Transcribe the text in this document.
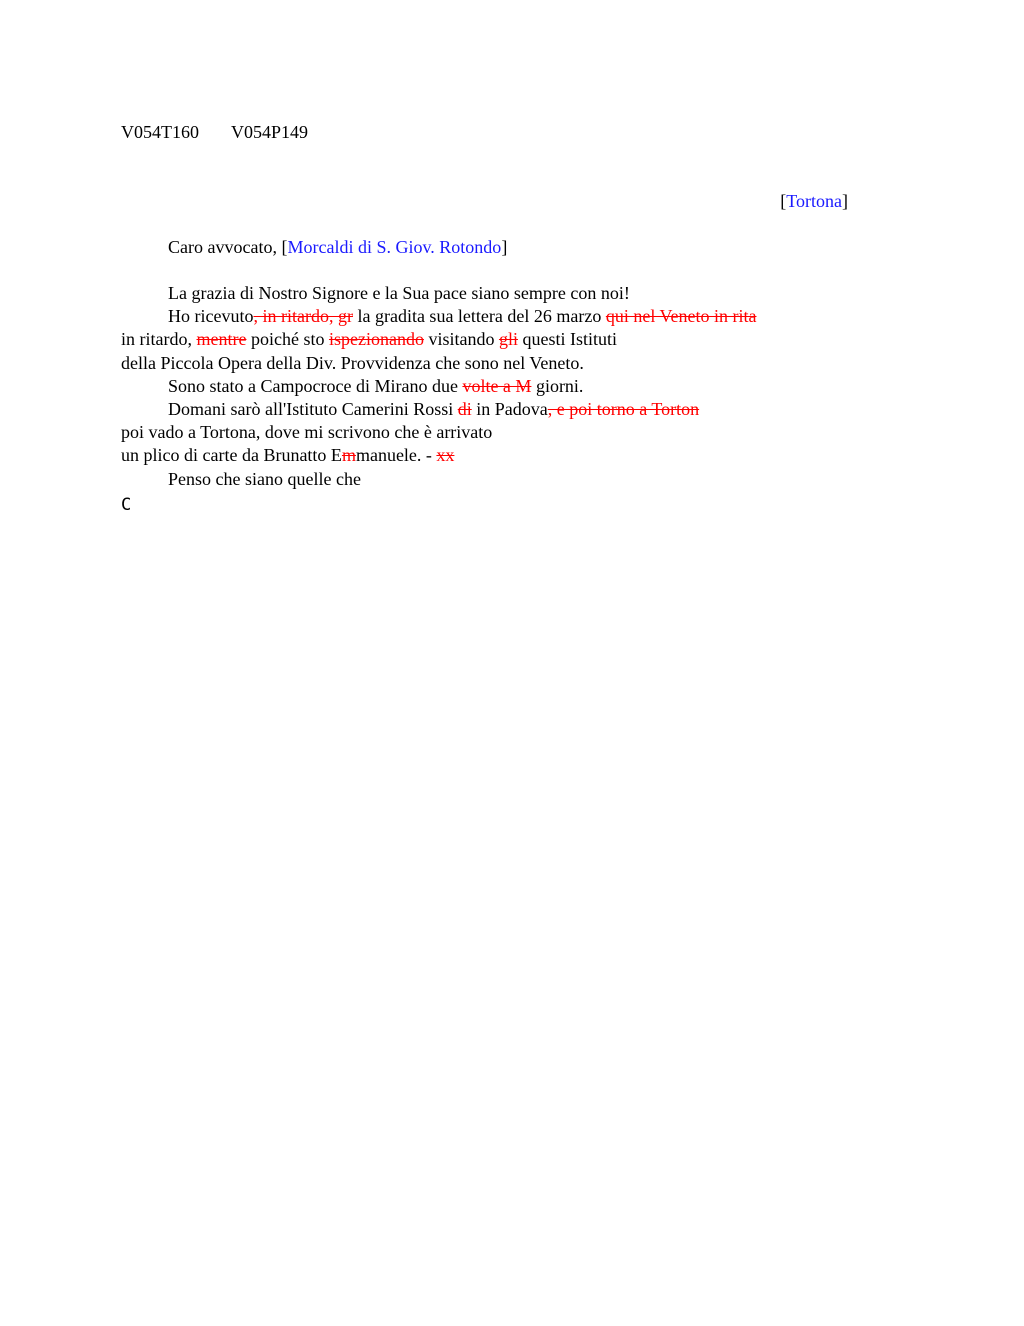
V054T160 V054P149
[Tortona]
Caro avvocato, [Morcaldi di S. Giov. Rotondo]
La grazia di Nostro Signore e la Sua pace siano sempre con noi!
Ho ricevuto, in ritardo, gr la gradita sua lettera del 26 marzo qui nel Veneto in rita
in ritardo, mentre poiché sto ispezionando visitando gli questi Istituti
della Piccola Opera della Div. Provvidenza che sono nel Veneto.
Sono stato a Campocroce di Mirano due volte a M giorni.
Domani sarò all'Istituto Camerini Rossi di in Padova, e poi torno a Torton
poi vado a Tortona, dove mi scrivono che è arrivato
un plico di carte da Brunatto Emmanuele. - xx
Penso che siano quelle che
C
